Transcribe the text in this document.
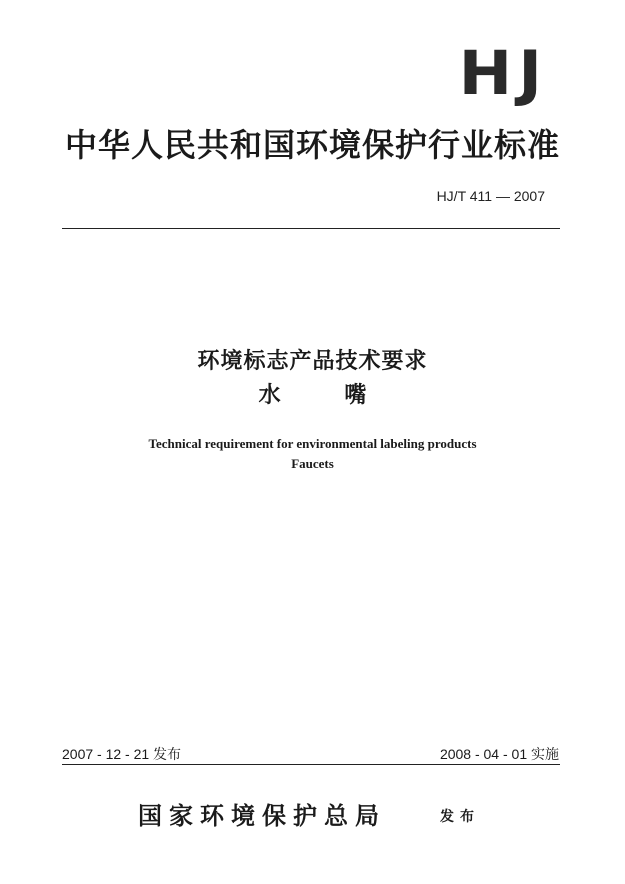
HJ
中华人民共和国环境保护行业标准
HJ/T 411 — 2007
环境标志产品技术要求
水 嘴
Technical requirement for environmental labeling products
Faucets
2007 - 12 - 21 发布	2008 - 04 - 01 实施
国家环境保护总局	发布
